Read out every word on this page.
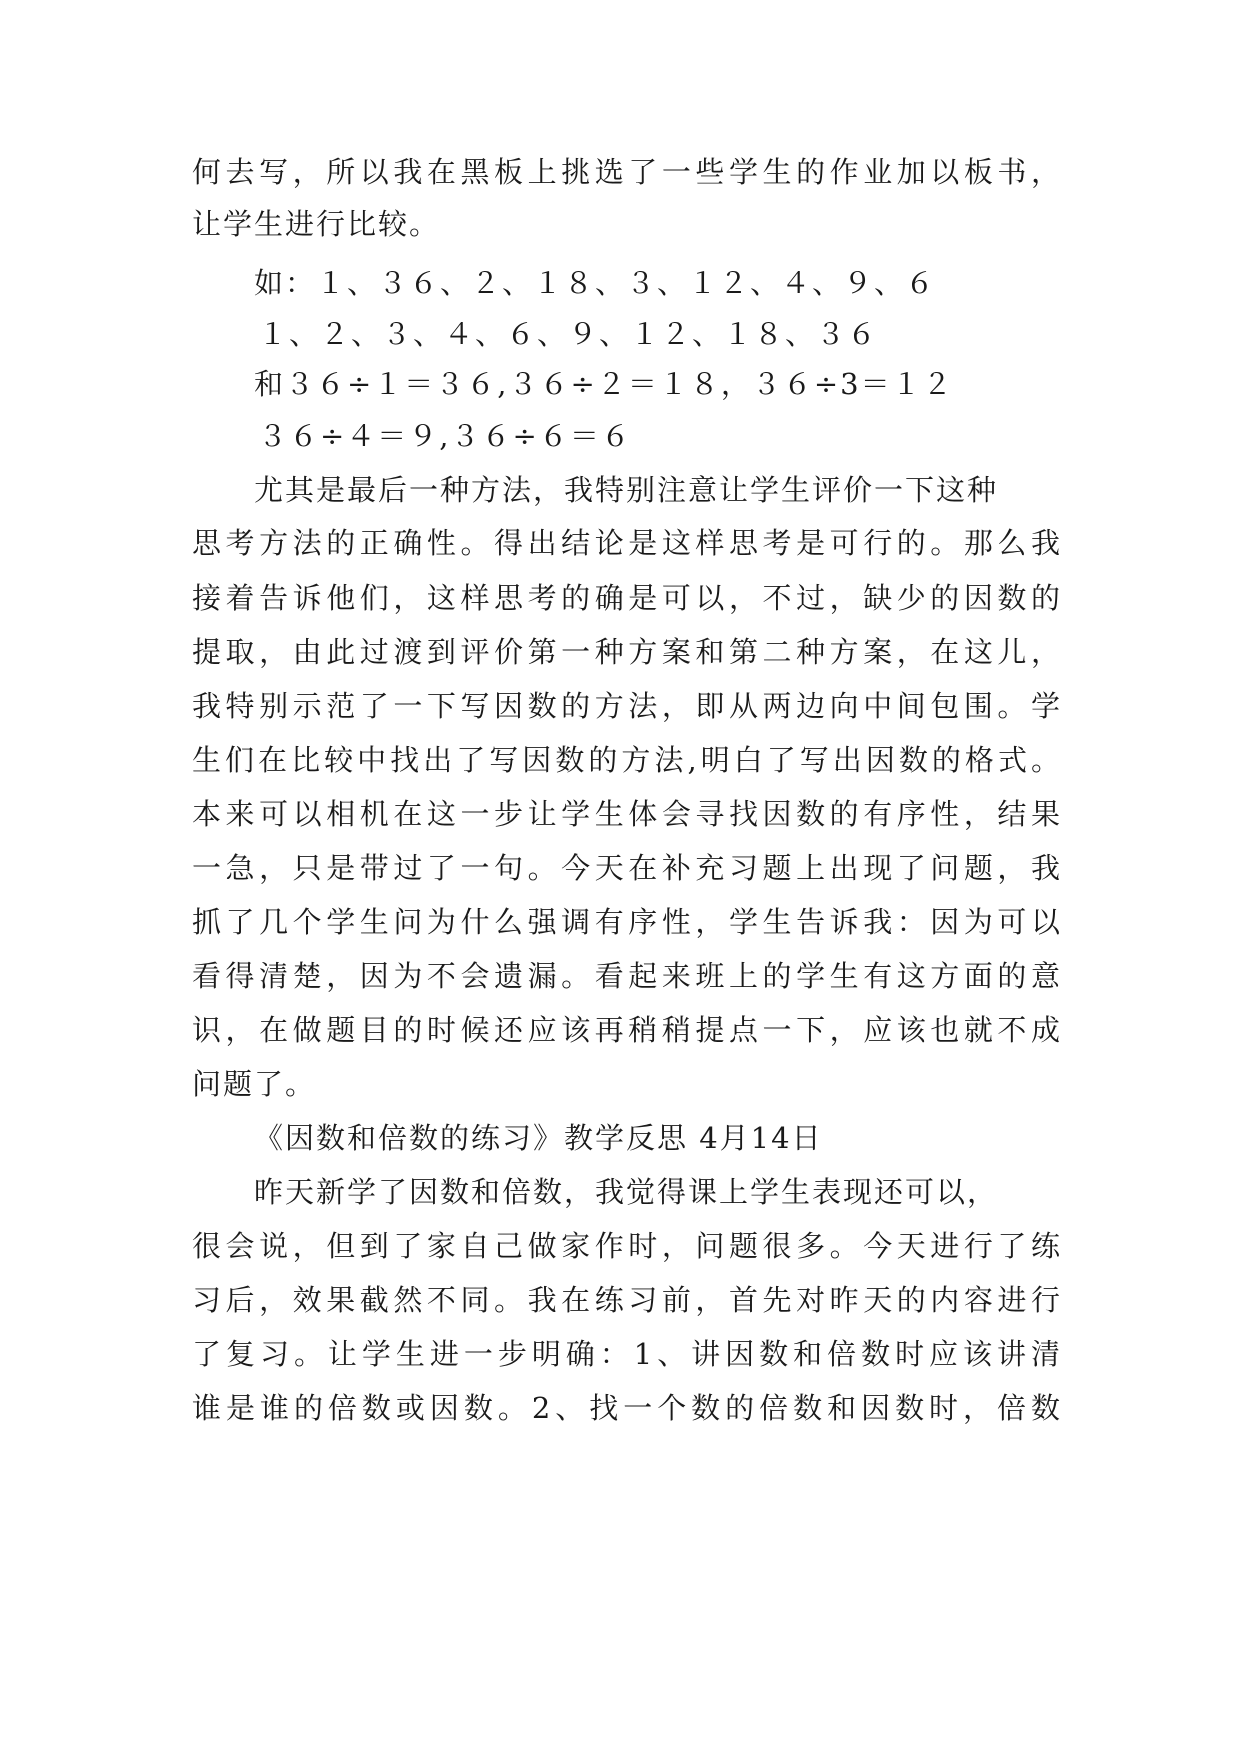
何去写，所以我在黑板上挑选了一些学生的作业加以板书，
让学生进行比较。
如：１、３６、２、１８、３、１２、４、９、６
１、２、３、４、６、９、１２、１８、３６
和３６÷１＝３６,３６÷２＝１８，３６÷3＝１２
３６÷４＝９,３６÷６＝６
尤其是最后一种方法，我特别注意让学生评价一下这种
思考方法的正确性。得出结论是这样思考是可行的。那么我
接着告诉他们，这样思考的确是可以，不过，缺少的因数的
提取，由此过渡到评价第一种方案和第二种方案，在这儿，
我特别示范了一下写因数的方法，即从两边向中间包围。学
生们在比较中找出了写因数的方法,明白了写出因数的格式。
本来可以相机在这一步让学生体会寻找因数的有序性，结果
一急，只是带过了一句。今天在补充习题上出现了问题，我
抓了几个学生问为什么强调有序性，学生告诉我：因为可以
看得清楚，因为不会遗漏。看起来班上的学生有这方面的意
识，在做题目的时候还应该再稍稍提点一下，应该也就不成
问题了。
《因数和倍数的练习》教学反思 4月14日
昨天新学了因数和倍数，我觉得课上学生表现还可以，
很会说，但到了家自己做家作时，问题很多。今天进行了练
习后，效果截然不同。我在练习前，首先对昨天的内容进行
了复习。让学生进一步明确：1、讲因数和倍数时应该讲清
谁是谁的倍数或因数。2、找一个数的倍数和因数时，倍数
